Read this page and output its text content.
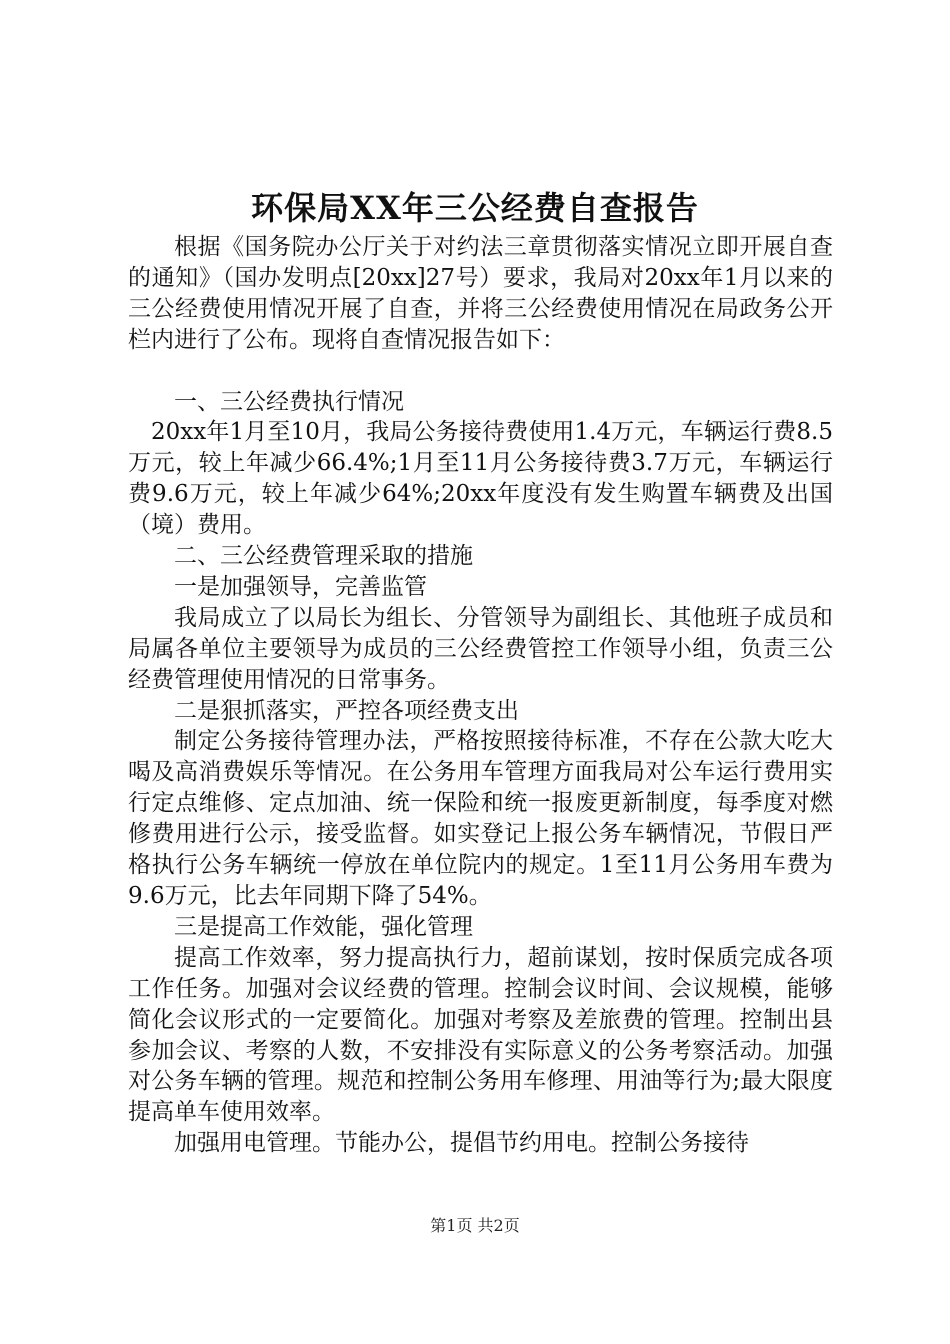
环保局XX年三公经费自查报告

根据《国务院办公厅关于对约法三章贯彻落实情况立即开展自查的通知》（国办发明点[20xx]27号）要求，我局对20xx年1月以来的三公经费使用情况开展了自查，并将三公经费使用情况在局政务公开栏内进行了公布。现将自查情况报告如下：

一、三公经费执行情况

20xx年1月至10月，我局公务接待费使用1.4万元，车辆运行费8.5万元，较上年减少66.4%;1月至11月公务接待费3.7万元，车辆运行费9.6万元，较上年减少64%;20xx年度没有发生购置车辆费及出国（境）费用。

二、三公经费管理采取的措施

一是加强领导，完善监管

我局成立了以局长为组长、分管领导为副组长、其他班子成员和局属各单位主要领导为成员的三公经费管控工作领导小组，负责三公经费管理使用情况的日常事务。

二是狠抓落实，严控各项经费支出

制定公务接待管理办法，严格按照接待标准，不存在公款大吃大喝及高消费娱乐等情况。在公务用车管理方面我局对公车运行费用实行定点维修、定点加油、统一保险和统一报废更新制度，每季度对燃修费用进行公示，接受监督。如实登记上报公务车辆情况，节假日严格执行公务车辆统一停放在单位院内的规定。1至11月公务用车费为9.6万元，比去年同期下降了54%。

三是提高工作效能，强化管理

提高工作效率，努力提高执行力，超前谋划，按时保质完成各项工作任务。加强对会议经费的管理。控制会议时间、会议规模，能够简化会议形式的一定要简化。加强对考察及差旅费的管理。控制出县参加会议、考察的人数，不安排没有实际意义的公务考察活动。加强对公务车辆的管理。规范和控制公务用车修理、用油等行为;最大限度提高单车使用效率。

加强用电管理。节能办公，提倡节约用电。控制公务接待

第1页 共2页
